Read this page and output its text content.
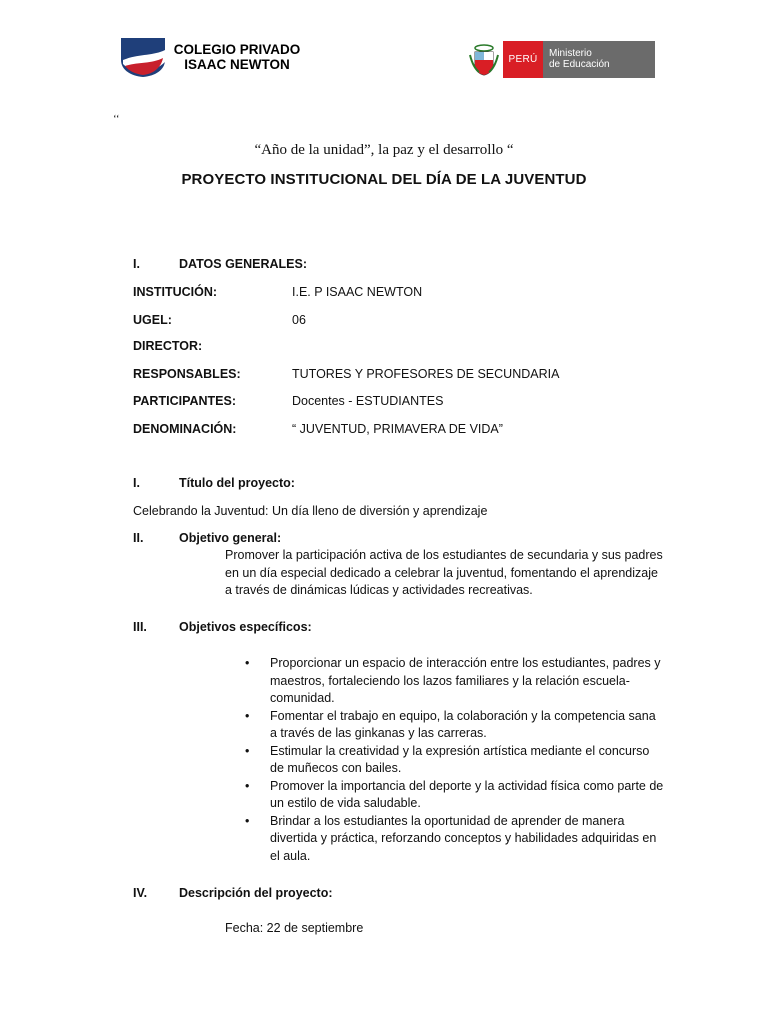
COLEGIO PRIVADO
ISAAC NEWTON	PERÚ
Ministerio
de Educación
‘‘
“Año de la unidad”, la paz y el desarrollo “
PROYECTO INSTITUCIONAL DEL DÍA DE LA JUVENTUD
I.	DATOS GENERALES:
INSTITUCIÓN:	I.E. P ISAAC NEWTON
UGEL:	06
DIRECTOR:
RESPONSABLES:	TUTORES Y PROFESORES DE SECUNDARIA
PARTICIPANTES:	Docentes - ESTUDIANTES
DENOMINACIÓN:	“ JUVENTUD, PRIMAVERA DE VIDA”
I.	Título del proyecto:
Celebrando la Juventud: Un día lleno de diversión y aprendizaje
II.	Objetivo general:
Promover la participación activa de los estudiantes de secundaria y sus padres en un día especial dedicado a celebrar la juventud, fomentando el aprendizaje a través de dinámicas lúdicas y actividades recreativas.
III.	Objetivos específicos:
• Proporcionar un espacio de interacción entre los estudiantes, padres y maestros, fortaleciendo los lazos familiares y la relación escuela-comunidad.
• Fomentar el trabajo en equipo, la colaboración y la competencia sana a través de las ginkanas y las carreras.
• Estimular la creatividad y la expresión artística mediante el concurso de muñecos con bailes.
• Promover la importancia del deporte y la actividad física como parte de un estilo de vida saludable.
• Brindar a los estudiantes la oportunidad de aprender de manera divertida y práctica, reforzando conceptos y habilidades adquiridas en el aula.
IV.	Descripción del proyecto:
Fecha: 22 de septiembre
